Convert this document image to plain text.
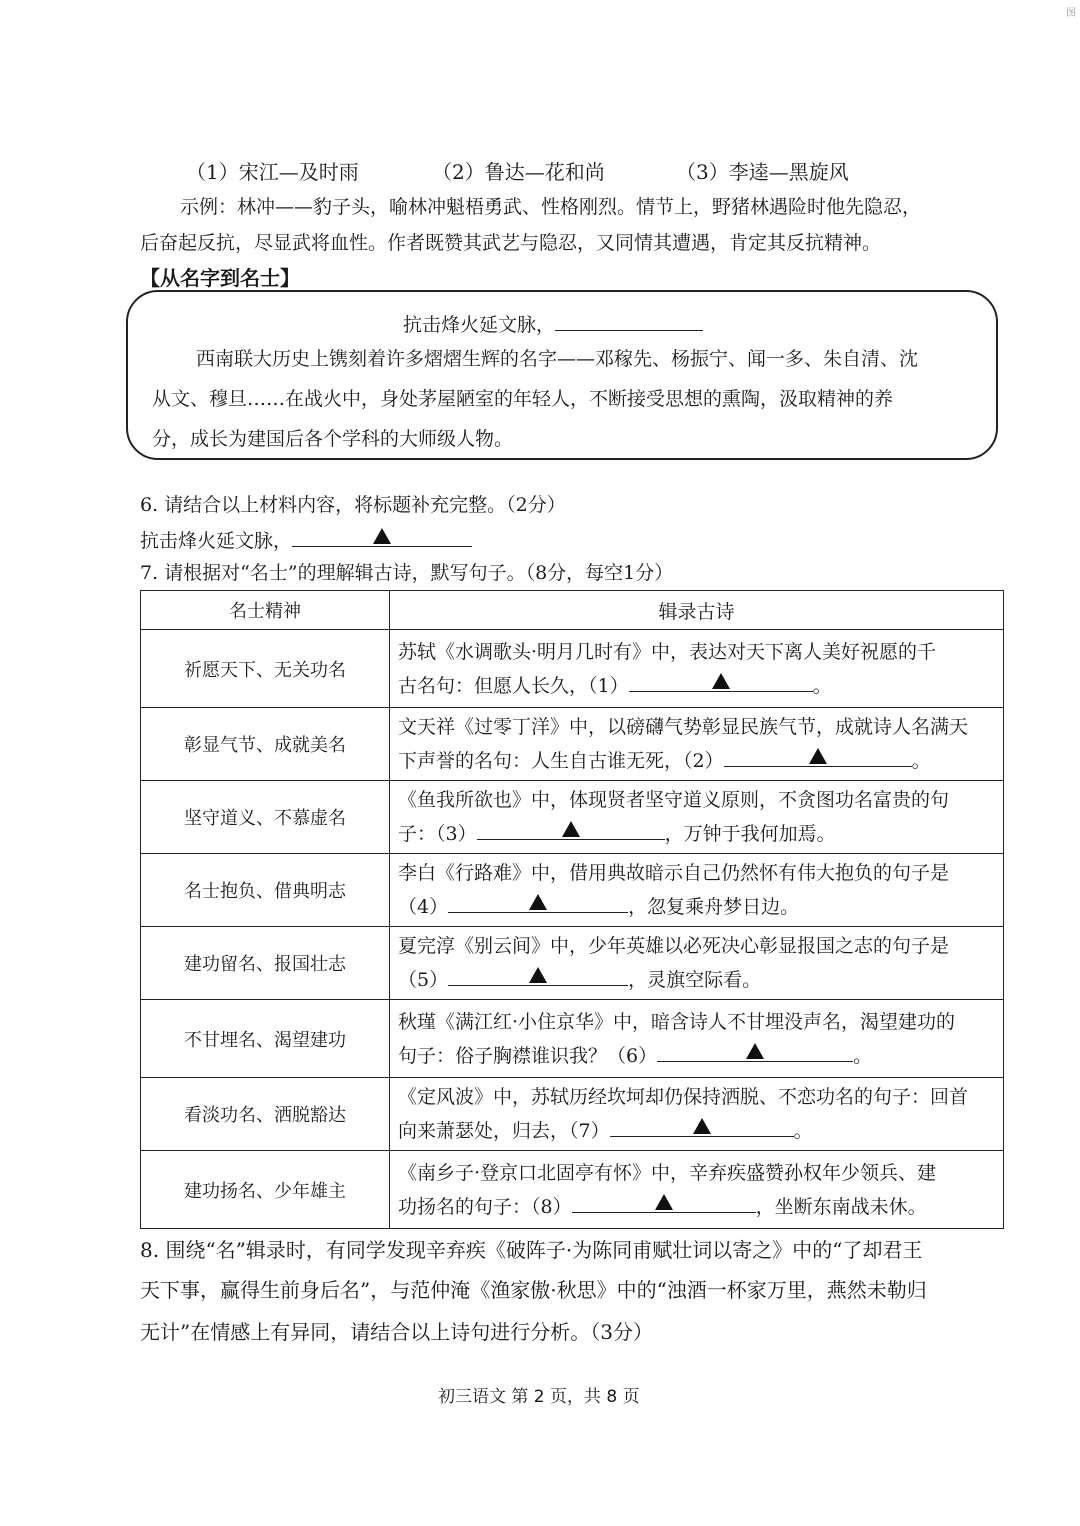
图
（1）宋江—及时雨	（2）鲁达—花和尚	（3）李逵—黑旋风
示例：林冲——豹子头，喻林冲魁梧勇武、性格刚烈。情节上，野猪林遇险时他先隐忍，
后奋起反抗，尽显武将血性。作者既赞其武艺与隐忍，又同情其遭遇，肯定其反抗精神。
【从名字到名士】
抗击烽火延文脉，
西南联大历史上镌刻着许多熠熠生辉的名字——邓稼先、杨振宁、闻一多、朱自清、沈
从文、穆旦……在战火中，身处茅屋陋室的年轻人，不断接受思想的熏陶，汲取精神的养
分，成长为建国后各个学科的大师级人物。
6. 请结合以上材料内容，将标题补充完整。（2分）
抗击烽火延文脉，
7. 请根据对“名士”的理解辑古诗，默写句子。（8分，每空1分）
名士精神	辑录古诗
祈愿天下、无关功名	苏轼《水调歌头·明月几时有》中，表达对天下离人美好祝愿的千
古名句：但愿人长久，（1） 。

彰显气节、成就美名	文天祥《过零丁洋》中，以磅礴气势彰显民族气节，成就诗人名满天
下声誉的名句：人生自古谁无死，（2） 。

坚守道义、不慕虚名	《鱼我所欲也》中，体现贤者坚守道义原则，不贪图功名富贵的句
子：（3） ，万钟于我何加焉。

名士抱负、借典明志	李白《行路难》中，借用典故暗示自己仍然怀有伟大抱负的句子是
（4） ，忽复乘舟梦日边。

建功留名、报国壮志	夏完淳《别云间》中，少年英雄以必死决心彰显报国之志的句子是
（5） ，灵旗空际看。

不甘埋名、渴望建功	秋瑾《满江红·小住京华》中，暗含诗人不甘埋没声名，渴望建功的
句子：俗子胸襟谁识我？（6） 。

看淡功名、洒脱豁达	《定风波》中，苏轼历经坎坷却仍保持洒脱、不恋功名的句子：回首
向来萧瑟处，归去，（7） 。

建功扬名、少年雄主	《南乡子·登京口北固亭有怀》中，辛弃疾盛赞孙权年少领兵、建
功扬名的句子：（8） ，坐断东南战未休。
8. 围绕“名”辑录时，有同学发现辛弃疾《破阵子·为陈同甫赋壮词以寄之》中的“了却君王
天下事，赢得生前身后名”，与范仲淹《渔家傲·秋思》中的“浊酒一杯家万里，燕然未勒归
无计”在情感上有异同，请结合以上诗句进行分析。（3分）
初三语文 第 2 页，共 8 页
